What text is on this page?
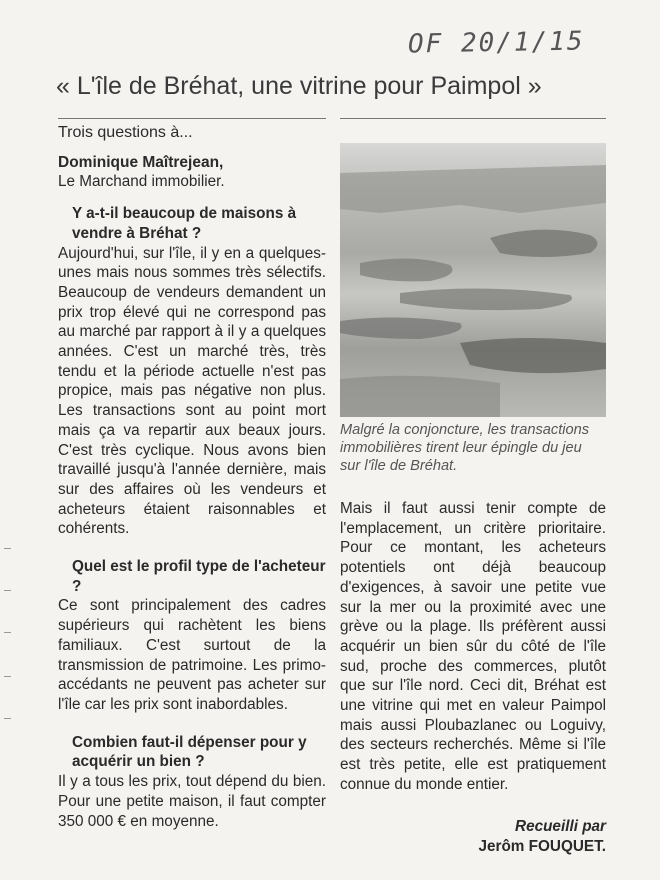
OF 20/1/15
« L'île de Bréhat, une vitrine pour Paimpol »
Trois questions à...
Dominique Maîtrejean,
Le Marchand immobilier.
Y a-t-il beaucoup de maisons à vendre à Bréhat ?

Aujourd'hui, sur l'île, il y en a quelques-unes mais nous sommes très sélectifs. Beaucoup de vendeurs demandent un prix trop élevé qui ne correspond pas au marché par rapport à il y a quelques années. C'est un marché très, très tendu et la période actuelle n'est pas propice, mais pas négative non plus. Les transactions sont au point mort mais ça va repartir aux beaux jours. C'est très cyclique. Nous avons bien travaillé jusqu'à l'année dernière, mais sur des affaires où les vendeurs et acheteurs étaient raisonnables et cohérents.

Quel est le profil type de l'acheteur ?

Ce sont principalement des cadres supérieurs qui rachètent les biens familiaux. C'est surtout de la transmission de patrimoine. Les primo-accédants ne peuvent pas acheter sur l'île car les prix sont inabordables.

Combien faut-il dépenser pour y acquérir un bien ?

Il y a tous les prix, tout dépend du bien. Pour une petite maison, il faut compter 350 000 € en moyenne.

Malgré la conjoncture, les transactions immobilières tirent leur épingle du jeu sur l'île de Bréhat.
Mais il faut aussi tenir compte de l'emplacement, un critère prioritaire. Pour ce montant, les acheteurs potentiels ont déjà beaucoup d'exigences, à savoir une petite vue sur la mer ou la proximité avec une grève ou la plage. Ils préfèrent aussi acquérir un bien sûr du côté de l'île sud, proche des commerces, plutôt que sur l'île nord. Ceci dit, Bréhat est une vitrine qui met en valeur Paimpol mais aussi Ploubazlanec ou Loguivy, des secteurs recherchés. Même si l'île est très petite, elle est pratiquement connue du monde entier.
Recueilli par
Jerôm FOUQUET.
